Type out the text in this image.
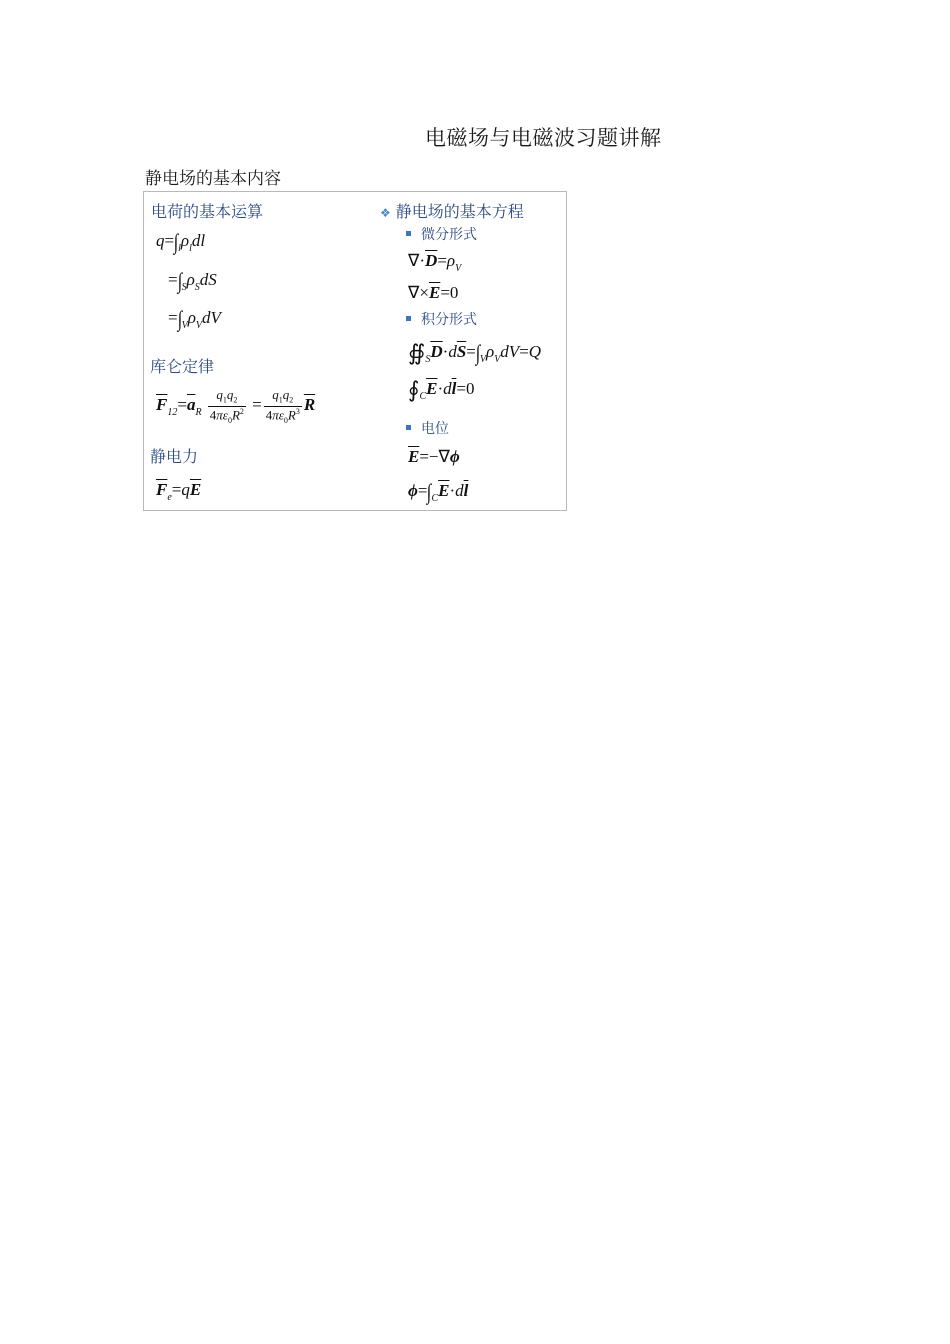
电磁场与电磁波习题讲解
静电场的基本内容
电荷的基本运算
$q=\int_l\rho_ldl$
$=\int_S\rho_SdS$
$=\int_V\rho_VdV$
库仑定律
$\overline{F}_{12}=\overline{a}_R \frac{q_1q_2}{4\pi\varepsilon_0R^2} = \frac{q_1q_2}{4\pi\varepsilon_0R^3} \overline{R}$
静电力
$\overline{F}_e=q\overline{E}$
❖ 静电场的基本方程
微分形式
$\nabla\cdot\overline{D}=\rho_V$
$\nabla\times\overline{E}=0$
积分形式
$∯_S\overline{D}\cdot d\overline{S}=\int_V\rho_VdV=Q$
$∮_C\overline{E}\cdot d\overline{l}=0$
电位
$\overline{E}=-\nabla\phi$
$\phi=\int_C\overline{E}\cdot d\overline{l}$
